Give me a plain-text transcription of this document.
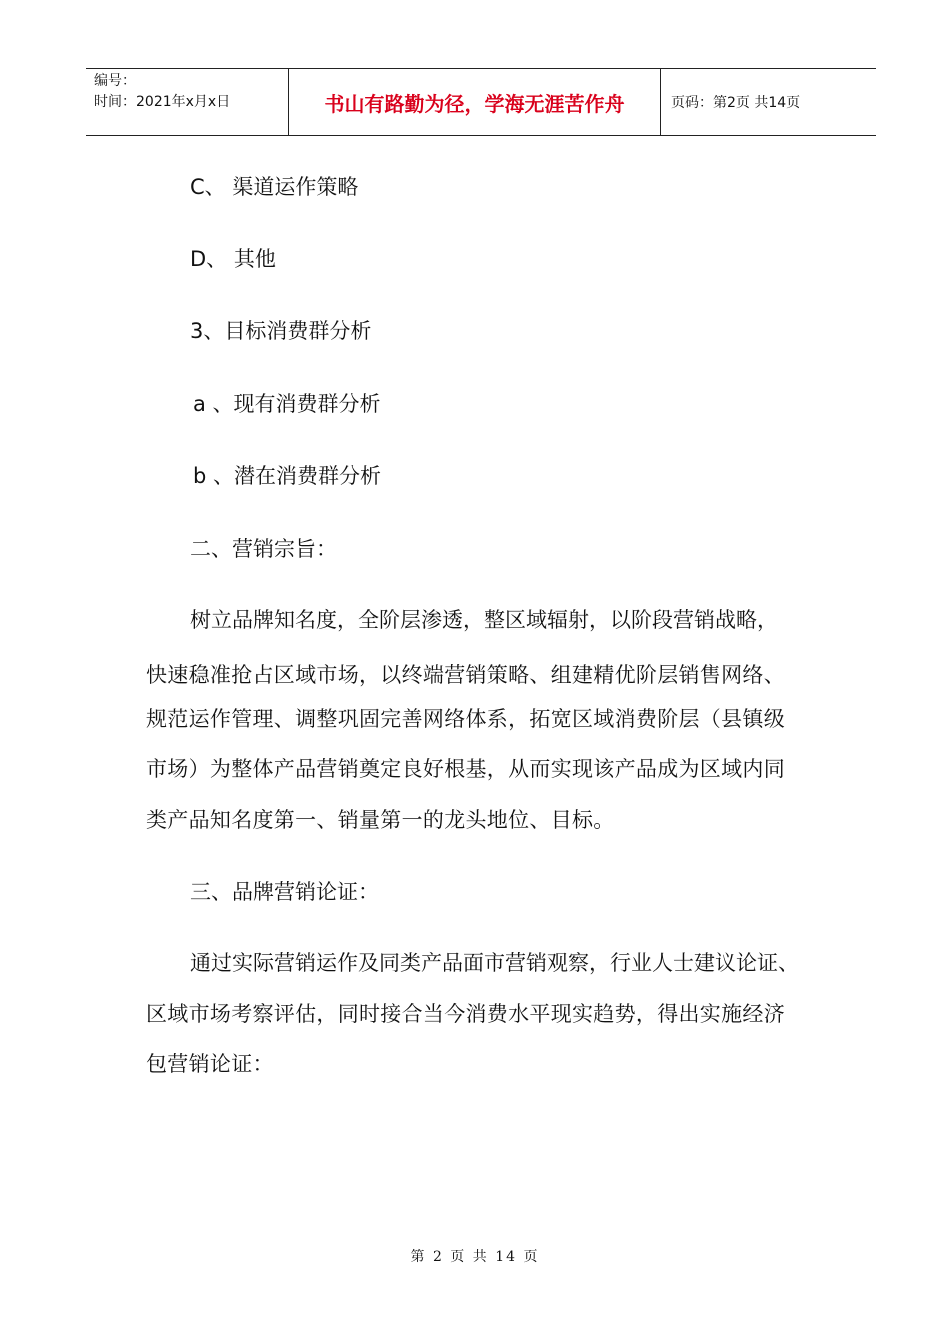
编号：
时间：2021年x月x日	书山有路勤为径，学海无涯苦作舟	页码：第2页 共14页
C、 渠道运作策略
D、 其他
3、目标消费群分析
a 、现有消费群分析
b 、潜在消费群分析
二、营销宗旨：
树立品牌知名度，全阶层渗透，整区域辐射，以阶段营销战略，
快速稳准抢占区域市场，以终端营销策略、组建精优阶层销售网络、
规范运作管理、调整巩固完善网络体系，拓宽区域消费阶层（县镇级
市场）为整体产品营销奠定良好根基，从而实现该产品成为区域内同
类产品知名度第一、销量第一的龙头地位、目标。
三、品牌营销论证：
通过实际营销运作及同类产品面市营销观察，行业人士建议论证、
区域市场考察评估，同时接合当今消费水平现实趋势，得出实施经济
包营销论证：
第 2 页 共 14 页
